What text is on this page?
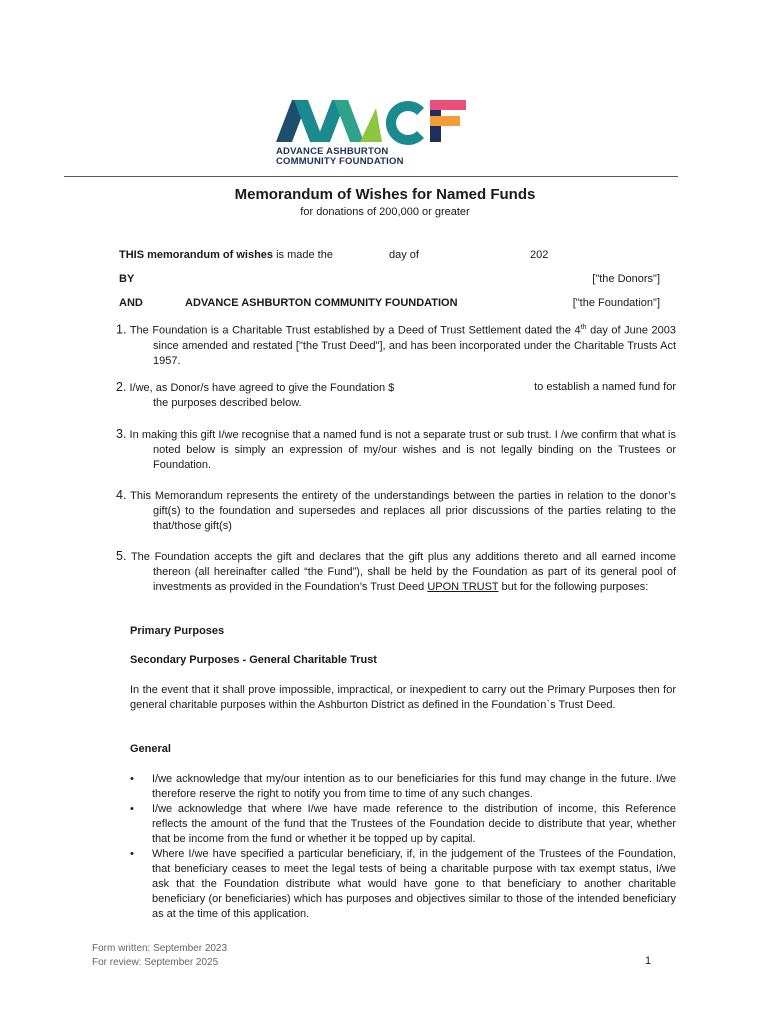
ADVANCE ASHBURTON
COMMUNITY FOUNDATION
Memorandum of Wishes for Named Funds
for donations of 200,000 or greater
THIS memorandum of wishes is made the	day of	202
BY	["the Donors"]
AND	ADVANCE ASHBURTON COMMUNITY FOUNDATION	["the Foundation"]
1. The Foundation is a Charitable Trust established by a Deed of Trust Settlement dated the 4th day of June 2003 since amended and restated ["the Trust Deed"], and has been incorporated under the Charitable Trusts Act 1957.
2. I/we, as Donor/s have agreed to give the Foundation $	to establish a named fund for
the purposes described below.
3. In making this gift I/we recognise that a named fund is not a separate trust or sub trust. I /we confirm that what is noted below is simply an expression of my/our wishes and is not legally binding on the Trustees or Foundation.
4. This Memorandum represents the entirety of the understandings between the parties in relation to the donor’s gift(s) to the foundation and supersedes and replaces all prior discussions of the parties relating to the that/those gift(s)
5. The Foundation accepts the gift and declares that the gift plus any additions thereto and all earned income thereon (all hereinafter called “the Fund”), shall be held by the Foundation as part of its general pool of investments as provided in the Foundation’s Trust Deed UPON TRUST but for the following purposes:
Primary Purposes
Secondary Purposes - General Charitable Trust
In the event that it shall prove impossible, impractical, or inexpedient to carry out the Primary Purposes then for general charitable purposes within the Ashburton District as defined in the Foundation`s Trust Deed.
General
• I/we acknowledge that my/our intention as to our beneficiaries for this fund may change in the future. I/we therefore reserve the right to notify you from time to time of any such changes.
• I/we acknowledge that where I/we have made reference to the distribution of income, this Reference reflects the amount of the fund that the Trustees of the Foundation decide to distribute that year, whether that be income from the fund or whether it be topped up by capital.
• Where I/we have specified a particular beneficiary, if, in the judgement of the Trustees of the Foundation, that beneficiary ceases to meet the legal tests of being a charitable purpose with tax exempt status, I/we ask that the Foundation distribute what would have gone to that beneficiary to another charitable beneficiary (or beneficiaries) which has purposes and objectives similar to those of the intended beneficiary as at the time of this application.
Form written: September 2023
For review: September 2025	1
